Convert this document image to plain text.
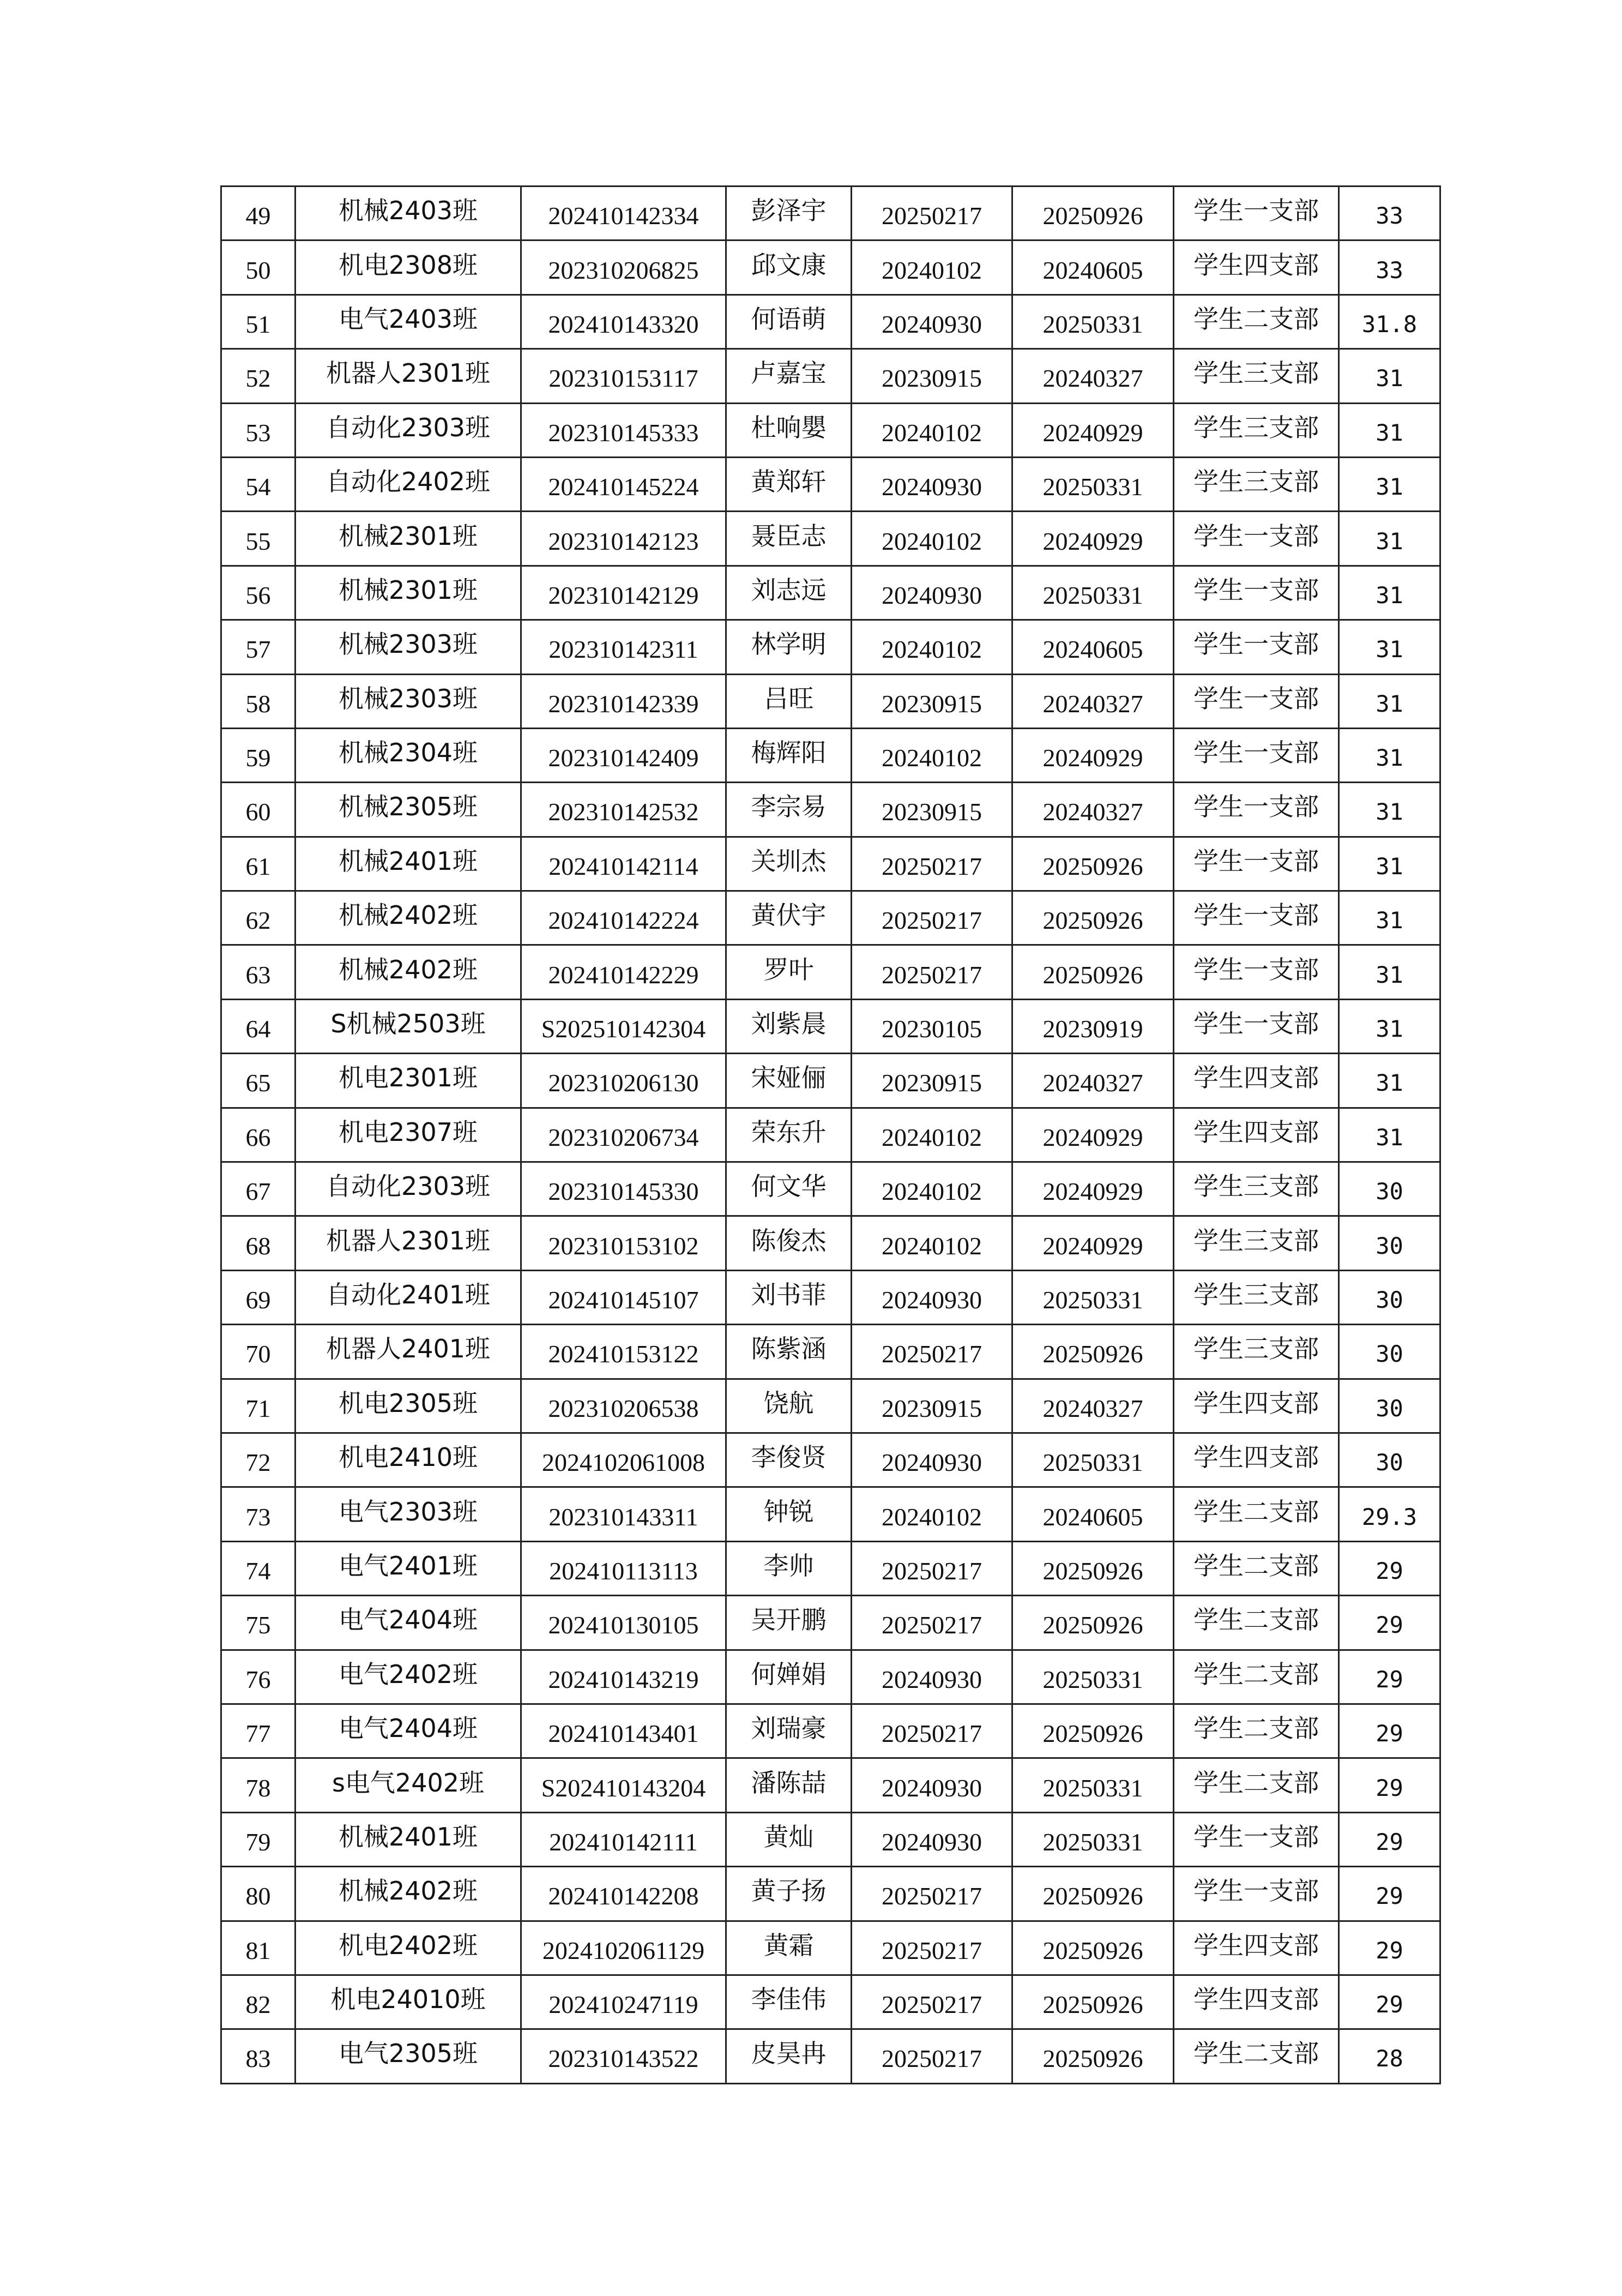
49	机械2403班	202410142334	彭泽宇	20250217	20250926	学生一支部	33
50	机电2308班	202310206825	邱文康	20240102	20240605	学生四支部	33
51	电气2403班	202410143320	何语萌	20240930	20250331	学生二支部	31.8
52	机器人2301班	202310153117	卢嘉宝	20230915	20240327	学生三支部	31
53	自动化2303班	202310145333	杜响嬰	20240102	20240929	学生三支部	31
54	自动化2402班	202410145224	黄郑轩	20240930	20250331	学生三支部	31
55	机械2301班	202310142123	聂臣志	20240102	20240929	学生一支部	31
56	机械2301班	202310142129	刘志远	20240930	20250331	学生一支部	31
57	机械2303班	202310142311	林学明	20240102	20240605	学生一支部	31
58	机械2303班	202310142339	吕旺	20230915	20240327	学生一支部	31
59	机械2304班	202310142409	梅辉阳	20240102	20240929	学生一支部	31
60	机械2305班	202310142532	李宗易	20230915	20240327	学生一支部	31
61	机械2401班	202410142114	关圳杰	20250217	20250926	学生一支部	31
62	机械2402班	202410142224	黄伏宇	20250217	20250926	学生一支部	31
63	机械2402班	202410142229	罗叶	20250217	20250926	学生一支部	31
64	S机械2503班	S202510142304	刘紫晨	20230105	20230919	学生一支部	31
65	机电2301班	202310206130	宋娅俪	20230915	20240327	学生四支部	31
66	机电2307班	202310206734	荣东升	20240102	20240929	学生四支部	31
67	自动化2303班	202310145330	何文华	20240102	20240929	学生三支部	30
68	机器人2301班	202310153102	陈俊杰	20240102	20240929	学生三支部	30
69	自动化2401班	202410145107	刘书菲	20240930	20250331	学生三支部	30
70	机器人2401班	202410153122	陈紫涵	20250217	20250926	学生三支部	30
71	机电2305班	202310206538	饶航	20230915	20240327	学生四支部	30
72	机电2410班	2024102061008	李俊贤	20240930	20250331	学生四支部	30
73	电气2303班	202310143311	钟锐	20240102	20240605	学生二支部	29.3
74	电气2401班	202410113113	李帅	20250217	20250926	学生二支部	29
75	电气2404班	202410130105	吴开鹏	20250217	20250926	学生二支部	29
76	电气2402班	202410143219	何婵娟	20240930	20250331	学生二支部	29
77	电气2404班	202410143401	刘瑞豪	20250217	20250926	学生二支部	29
78	s电气2402班	S202410143204	潘陈喆	20240930	20250331	学生二支部	29
79	机械2401班	202410142111	黄灿	20240930	20250331	学生一支部	29
80	机械2402班	202410142208	黄子扬	20250217	20250926	学生一支部	29
81	机电2402班	2024102061129	黄霜	20250217	20250926	学生四支部	29
82	机电24010班	202410247119	李佳伟	20250217	20250926	学生四支部	29
83	电气2305班	202310143522	皮昊冉	20250217	20250926	学生二支部	28
